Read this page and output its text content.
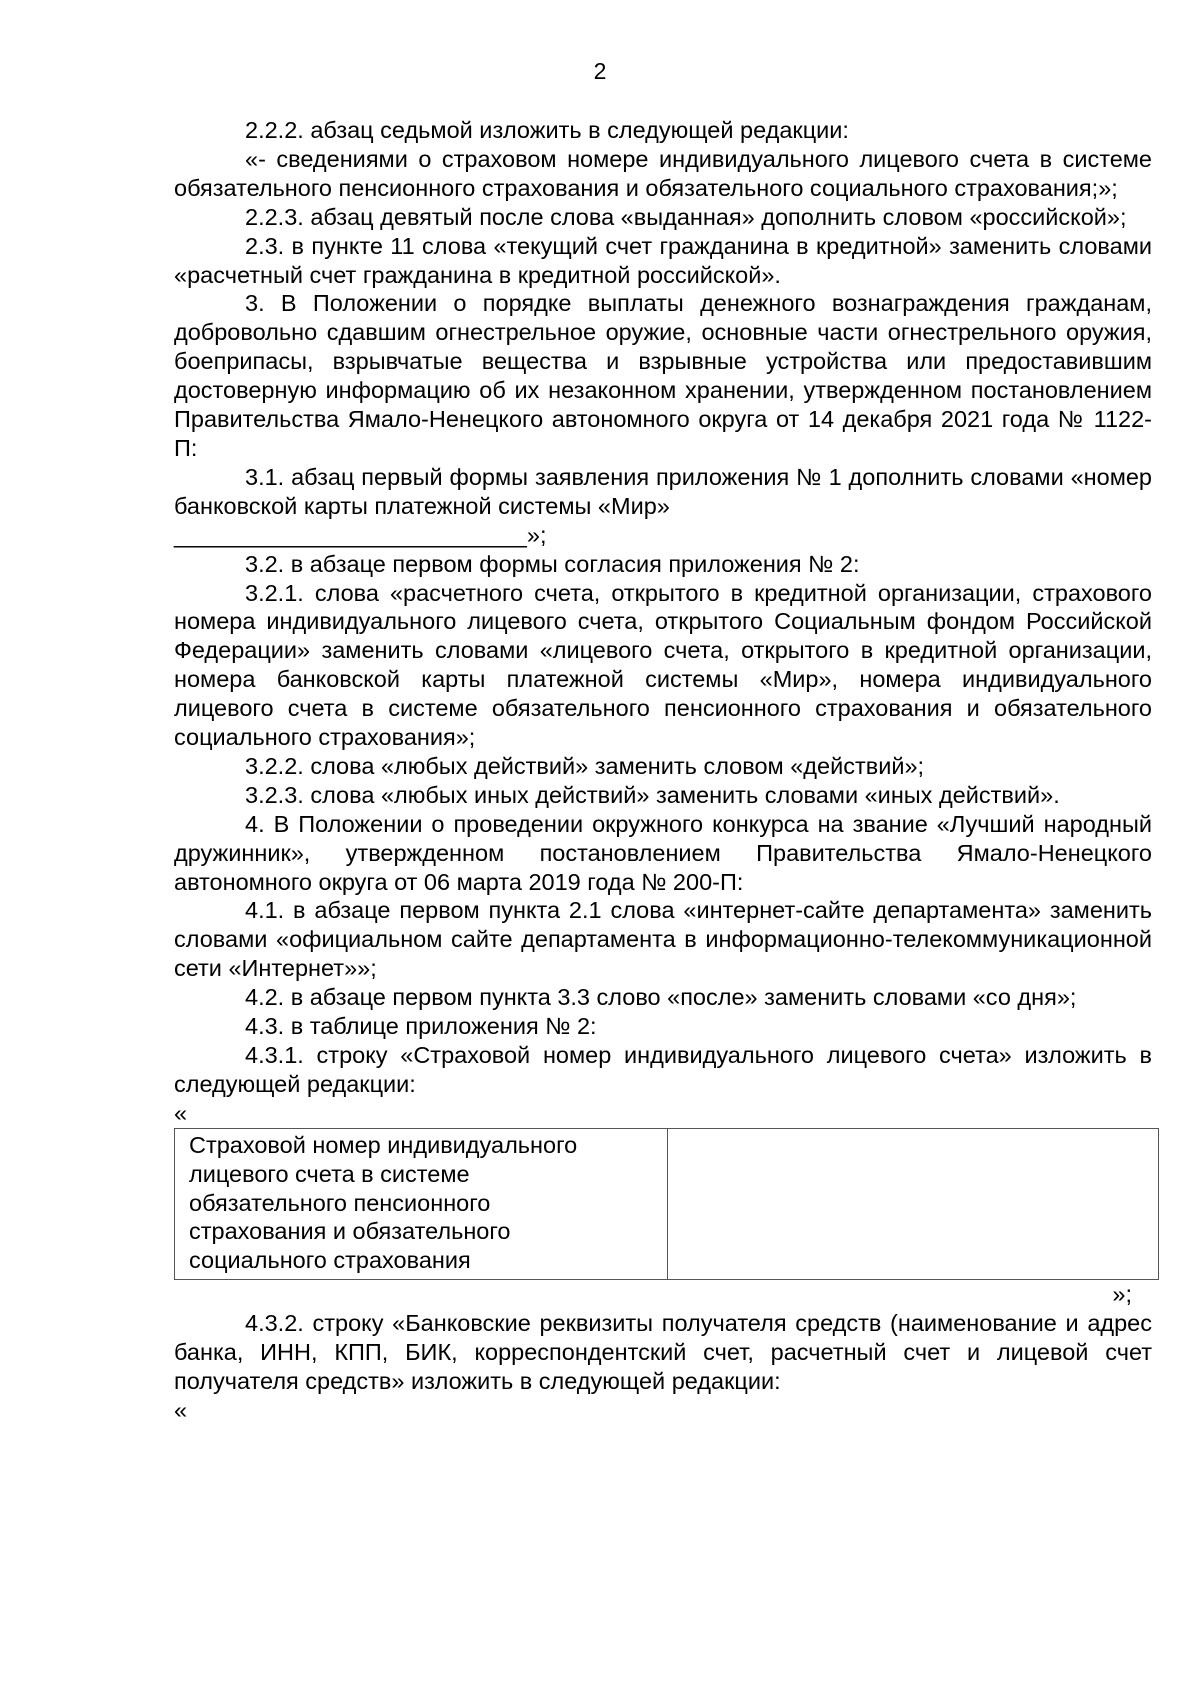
2

2.2.2. абзац седьмой изложить в следующей редакции:

«- сведениями о страховом номере индивидуального лицевого счета в системе обязательного пенсионного страхования и обязательного социального страхования;»;

2.2.3. абзац девятый после слова «выданная» дополнить словом «российской»;

2.3. в пункте 11 слова «текущий счет гражданина в кредитной» заменить словами «расчетный счет гражданина в кредитной российской».

3. В Положении о порядке выплаты денежного вознаграждения гражданам, добровольно сдавшим огнестрельное оружие, основные части огнестрельного оружия, боеприпасы, взрывчатые вещества и взрывные устройства или предоставившим достоверную информацию об их незаконном хранении, утвержденном постановлением Правительства Ямало-Ненецкого автономного округа от 14 декабря 2021 года № 1122-П:

3.1. абзац первый формы заявления приложения № 1 дополнить словами «номер банковской карты платежной системы «Мир»

___________________________»;

3.2. в абзаце первом формы согласия приложения № 2:

3.2.1. слова «расчетного счета, открытого в кредитной организации, страхового номера индивидуального лицевого счета, открытого Социальным фондом Российской Федерации» заменить словами «лицевого счета, открытого в кредитной организации, номера банковской карты платежной системы «Мир», номера индивидуального лицевого счета в системе обязательного пенсионного страхования и обязательного социального страхования»;

3.2.2. слова «любых действий» заменить словом «действий»;

3.2.3. слова «любых иных действий» заменить словами «иных действий».

4. В Положении о проведении окружного конкурса на звание «Лучший народный дружинник», утвержденном постановлением Правительства Ямало-Ненецкого автономного округа от 06 марта 2019 года № 200-П:

4.1. в абзаце первом пункта 2.1 слова «интернет-сайте департамента» заменить словами «официальном сайте департамента в информационно-телекоммуникационной сети «Интернет»»;

4.2. в абзаце первом пункта 3.3 слово «после» заменить словами «со дня»;

4.3. в таблице приложения № 2:

4.3.1. строку «Страховой номер индивидуального лицевого счета» изложить в следующей редакции:

«

Страховой номер индивидуального
лицевого счета в системе
обязательного пенсионного
страхования и обязательного
социального страхования

»;

4.3.2. строку «Банковские реквизиты получателя средств (наименование и адрес банка, ИНН, КПП, БИК, корреспондентский счет, расчетный счет и лицевой счет получателя средств» изложить в следующей редакции:

«
